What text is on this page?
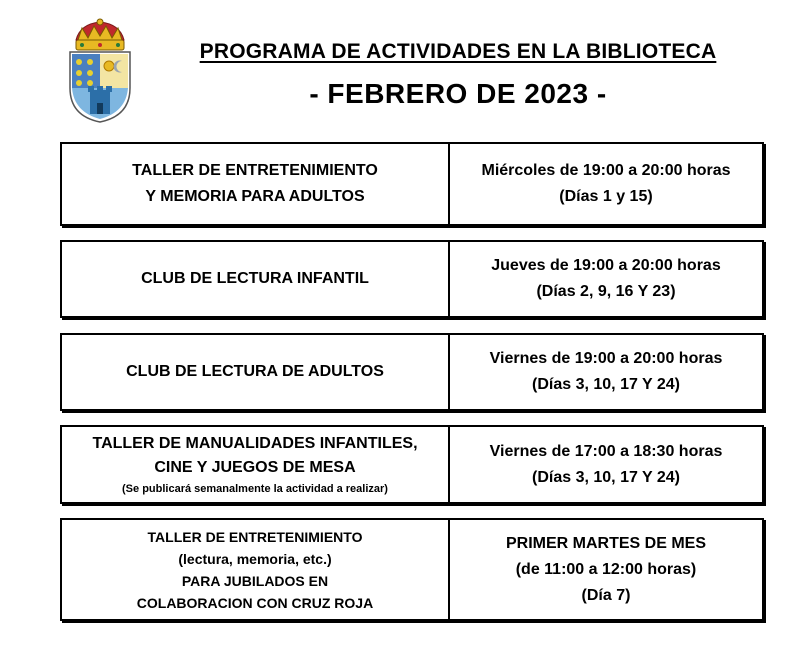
PROGRAMA DE ACTIVIDADES EN LA BIBLIOTECA
- FEBRERO DE 2023 -
TALLER DE ENTRETENIMIENTO
Y MEMORIA PARA ADULTOS
Miércoles de 19:00 a 20:00 horas
(Días 1 y 15)
CLUB DE LECTURA INFANTIL
Jueves de 19:00 a 20:00 horas
(Días 2, 9, 16 Y 23)
CLUB DE LECTURA DE ADULTOS
Viernes de 19:00 a 20:00 horas
(Días 3, 10, 17 Y 24)
TALLER DE MANUALIDADES INFANTILES,
CINE Y JUEGOS DE MESA
(Se publicará semanalmente la actividad a realizar)
Viernes de 17:00 a 18:30 horas
(Días 3, 10, 17 Y 24)
TALLER DE ENTRETENIMIENTO
(lectura, memoria, etc.)
PARA JUBILADOS EN
COLABORACION CON CRUZ ROJA
PRIMER MARTES DE MES
(de 11:00 a 12:00 horas)
(Día 7)
